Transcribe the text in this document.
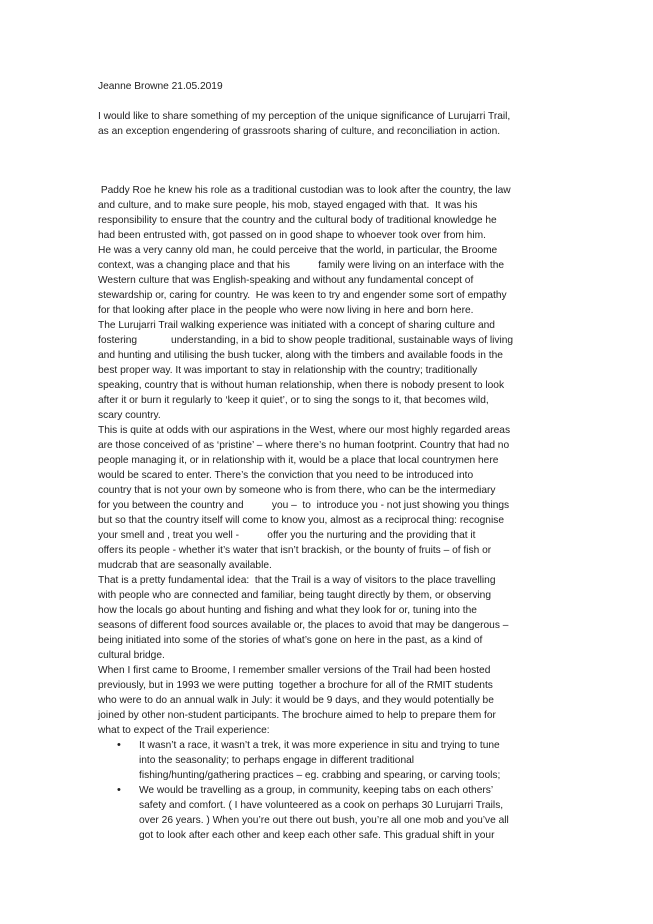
Jeanne Browne 21.05.2019
I would like to share something of my perception of the unique significance of Lurujarri Trail,
as an exception engendering of grassroots sharing of culture, and reconciliation in action.
Paddy Roe he knew his role as a traditional custodian was to look after the country, the law
and culture, and to make sure people, his mob, stayed engaged with that.  It was his
responsibility to ensure that the country and the cultural body of traditional knowledge he
had been entrusted with, got passed on in good shape to whoever took over from him.
He was a very canny old man, he could perceive that the world, in particular, the Broome
context, was a changing place and that his          family were living on an interface with the
Western culture that was English-speaking and without any fundamental concept of
stewardship or, caring for country.  He was keen to try and engender some sort of empathy
for that looking after place in the people who were now living in here and born here.
The Lurujarri Trail walking experience was initiated with a concept of sharing culture and
fostering            understanding, in a bid to show people traditional, sustainable ways of living
and hunting and utilising the bush tucker, along with the timbers and available foods in the
best proper way. It was important to stay in relationship with the country; traditionally
speaking, country that is without human relationship, when there is nobody present to look
after it or burn it regularly to ‘keep it quiet’, or to sing the songs to it, that becomes wild,
scary country.
This is quite at odds with our aspirations in the West, where our most highly regarded areas
are those conceived of as ‘pristine’ – where there’s no human footprint. Country that had no
people managing it, or in relationship with it, would be a place that local countrymen here
would be scared to enter. There’s the conviction that you need to be introduced into
country that is not your own by someone who is from there, who can be the intermediary
for you between the country and          you –  to  introduce you - not just showing you things
but so that the country itself will come to know you, almost as a reciprocal thing: recognise
your smell and , treat you well -          offer you the nurturing and the providing that it
offers its people - whether it’s water that isn’t brackish, or the bounty of fruits – of fish or
mudcrab that are seasonally available.
That is a pretty fundamental idea:  that the Trail is a way of visitors to the place travelling
with people who are connected and familiar, being taught directly by them, or observing
how the locals go about hunting and fishing and what they look for or, tuning into the
seasons of different food sources available or, the places to avoid that may be dangerous –
being initiated into some of the stories of what’s gone on here in the past, as a kind of
cultural bridge.
When I first came to Broome, I remember smaller versions of the Trail had been hosted
previously, but in 1993 we were putting  together a brochure for all of the RMIT students
who were to do an annual walk in July: it would be 9 days, and they would potentially be
joined by other non-student participants. The brochure aimed to help to prepare them for
what to expect of the Trail experience:
• It wasn’t a race, it wasn’t a trek, it was more experience in situ and trying to tune
into the seasonality; to perhaps engage in different traditional
fishing/hunting/gathering practices – eg. crabbing and spearing, or carving tools;
• We would be travelling as a group, in community, keeping tabs on each others’
safety and comfort. ( I have volunteered as a cook on perhaps 30 Lurujarri Trails,
over 26 years. ) When you’re out there out bush, you’re all one mob and you’ve all
got to look after each other and keep each other safe. This gradual shift in your
